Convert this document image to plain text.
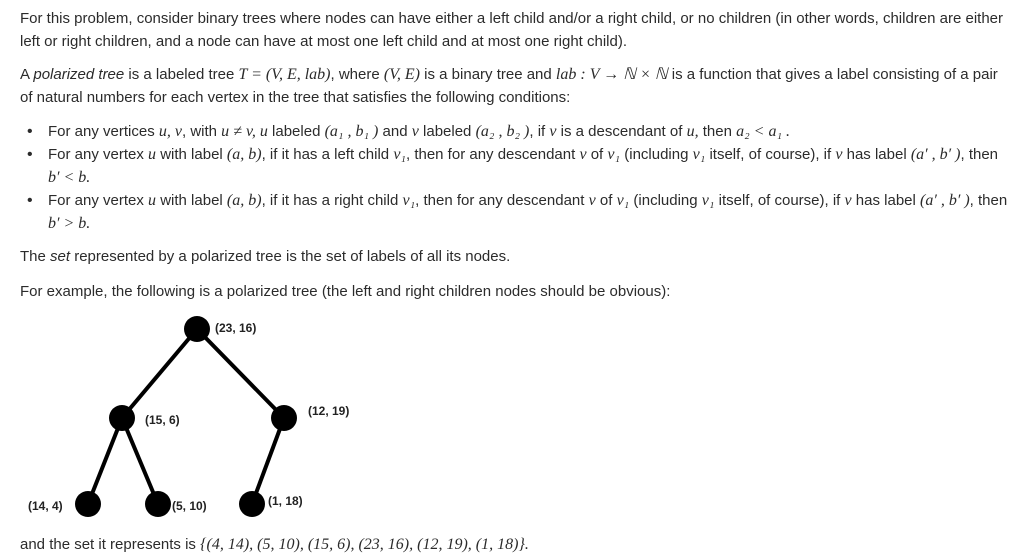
For this problem, consider binary trees where nodes can have either a left child and/or a right child, or no children (in other words, children are either left or right children, and a node can have at most one left child and at most one right child).

A polarized tree is a labeled tree T = (V, E, lab), where (V, E) is a binary tree and lab : V → ℕ × ℕ is a function that gives a label consisting of a pair of natural numbers for each vertex in the tree that satisfies the following conditions:

• For any vertices u, v, with u ≠ v, u labeled (a₁ , b₁ ) and v labeled (a₂ , b₂ ), if v is a descendant of u, then a₂ < a₁ .
• For any vertex u with label (a, b), if it has a left child v₁, then for any descendant v of v₁ (including v₁ itself, of course), if v has label (a′ , b′ ), then b′ < b.
• For any vertex u with label (a, b), if it has a right child v₁, then for any descendant v of v₁ (including v₁ itself, of course), if v has label (a′ , b′ ), then b′ > b.

The set represented by a polarized tree is the set of labels of all its nodes.

For example, the following is a polarized tree (the left and right children nodes should be obvious):

(23, 16)
(15, 6)
(12, 19)
(14, 4)	(5, 10)	(1, 18)

and the set it represents is {(4, 14), (5, 10), (15, 6), (23, 16), (12, 19), (1, 18)}.
